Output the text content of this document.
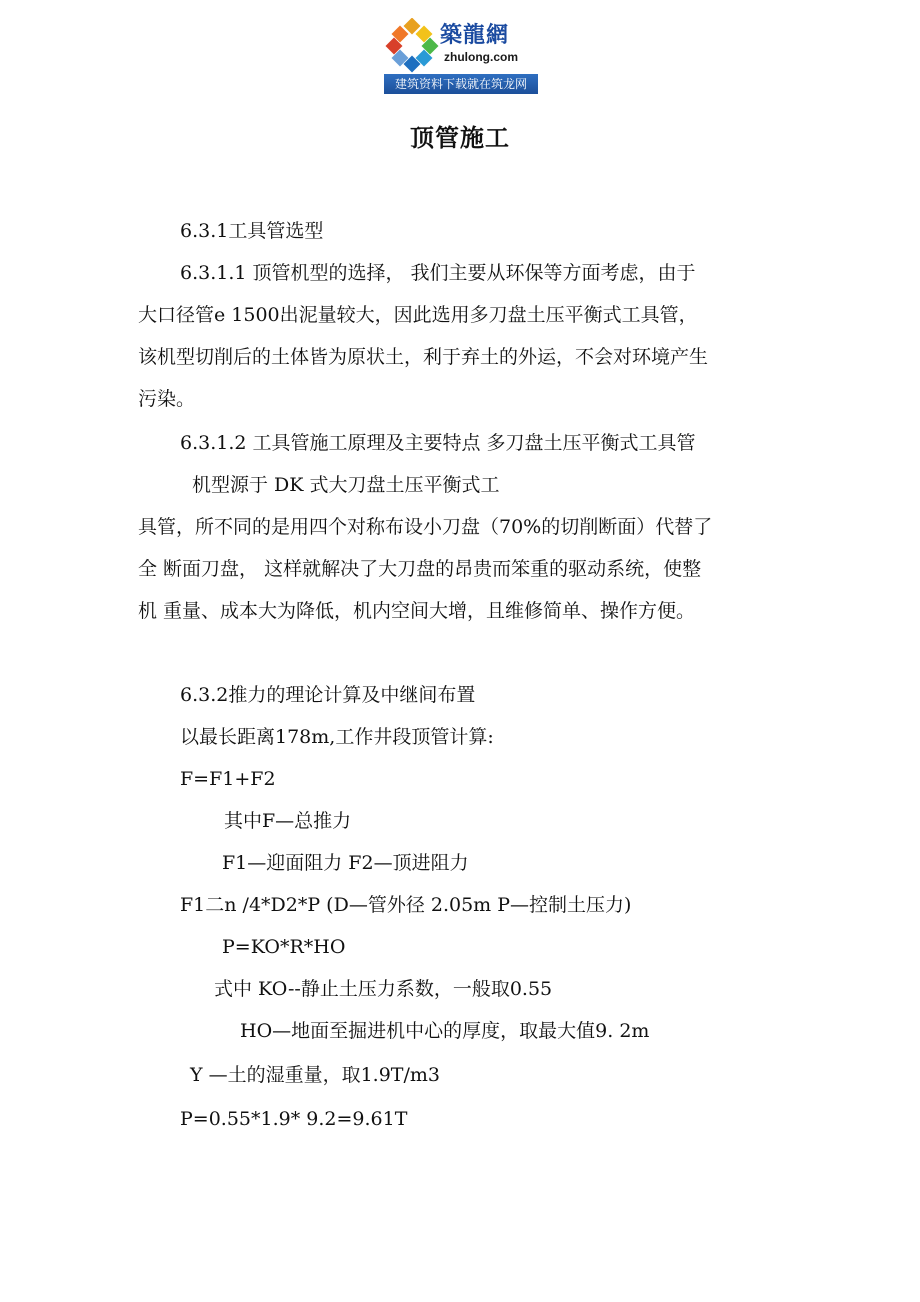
築龍網
zhulong.com
建筑资料下载就在筑龙网
顶管施工
6.3.1工具管选型
6.3.1.1 顶管机型的选择， 我们主要从环保等方面考虑，由于
大口径管e 1500出泥量较大，因此选用多刀盘土压平衡式工具管，
该机型切削后的土体皆为原状土，利于弃土的外运，不会对环境产生
污染。
6.3.1.2 工具管施工原理及主要特点 多刀盘土压平衡式工具管
机型源于 DK 式大刀盘土压平衡式工
具管，所不同的是用四个对称布设小刀盘（70%的切削断面）代替了
全 断面刀盘， 这样就解决了大刀盘的昂贵而笨重的驱动系统，使整
机 重量、成本大为降低，机内空间大增，且维修简单、操作方便。
6.3.2推力的理论计算及中继间布置
以最长距离178m,工作井段顶管计算:
F=F1+F2
其中F—总推力
F1—迎面阻力 F2—顶进阻力
F1二n /4*D2*P (D—管外径 2.05m P—控制土压力)
P=KO*R*HO
式中 KO--静止土压力系数，一般取0.55
HO—地面至掘进机中心的厚度，取最大值9. 2m
Y —土的湿重量，取1.9T/m3
P=0.55*1.9* 9.2=9.61T
